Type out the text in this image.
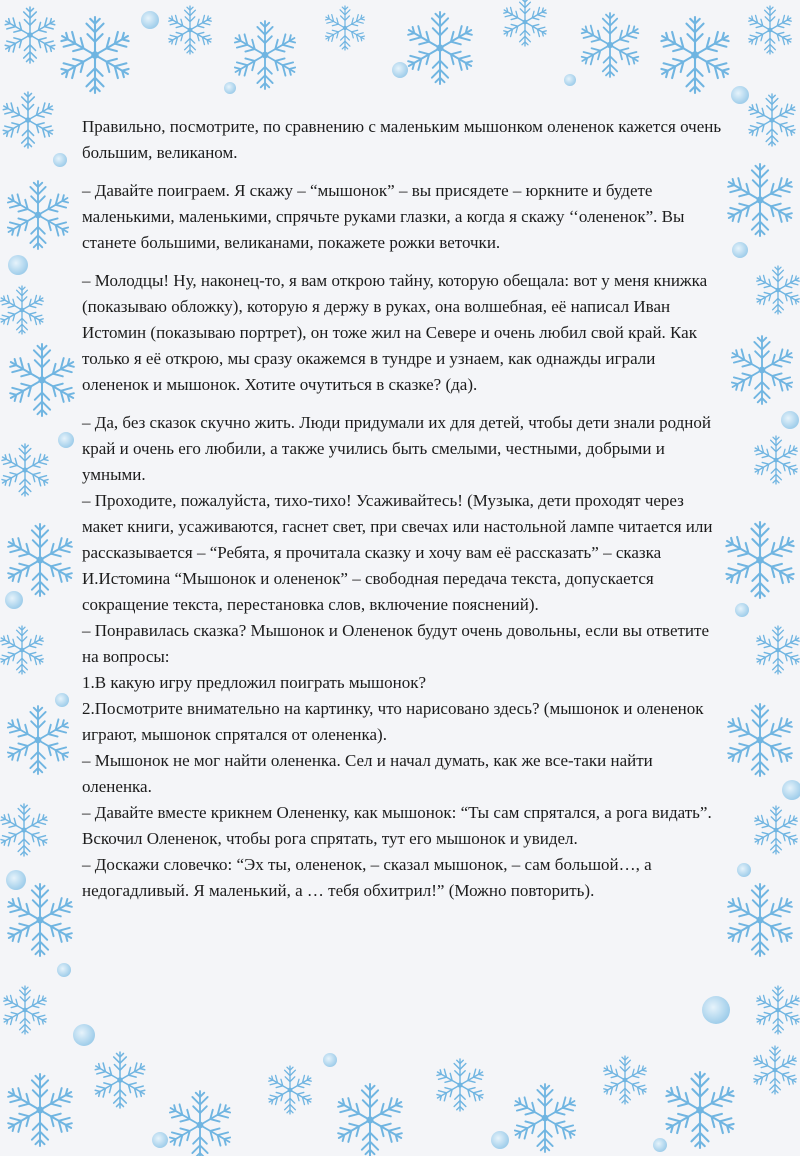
Правильно, посмотрите, по сравнению с маленьким мышонком олененок кажется очень большим, великаном.

– Давайте поиграем. Я скажу – “мышонок” – вы присядете – юркните и будете маленькими, маленькими, спрячьте руками глазки, а когда я скажу ‘‘олененок”. Вы станете большими, великанами, покажете рожки веточки.

– Молодцы! Ну, наконец-то, я вам открою тайну, которую обещала: вот у меня книжка (показываю обложку), которую я держу в руках, она волшебная, её написал Иван Истомин (показываю портрет), он тоже жил на Севере и очень любил свой край. Как только я её открою, мы сразу окажемся в тундре и узнаем, как однажды играли олененок и мышонок. Хотите очутиться в сказке? (да).

– Да, без сказок скучно жить. Люди придумали их для детей, чтобы дети знали родной край и очень его любили, а также учились быть смелыми, честными, добрыми и умными.

– Проходите, пожалуйста, тихо-тихо! Усаживайтесь! (Музыка, дети проходят через макет книги, усаживаются, гаснет свет, при свечах или настольной лампе читается или рассказывается – “Ребята, я прочитала сказку и хочу вам её рассказать” – сказка И.Истомина “Мышонок и олененок” – свободная передача текста, допускается сокращение текста, перестановка слов, включение пояснений).

– Понравилась сказка? Мышонок и Олененок будут очень довольны, если вы ответите на вопросы:

1.В какую игру предложил поиграть мышонок?

2.Посмотрите внимательно на картинку, что нарисовано здесь? (мышонок и олененок играют, мышонок спрятался от олененка).

– Мышонок не мог найти олененка. Сел и начал думать, как же все-таки найти олененка.

– Давайте вместе крикнем Олененку, как мышонок: “Ты сам спрятался, а рога видать”. Вскочил Олененок, чтобы рога спрятать, тут его мышонок и увидел.

– Доскажи словечко: “Эх ты, олененок, – сказал мышонок, – сам большой…, а недогадливый. Я маленький, а … тебя обхитрил!” (Можно повторить).
